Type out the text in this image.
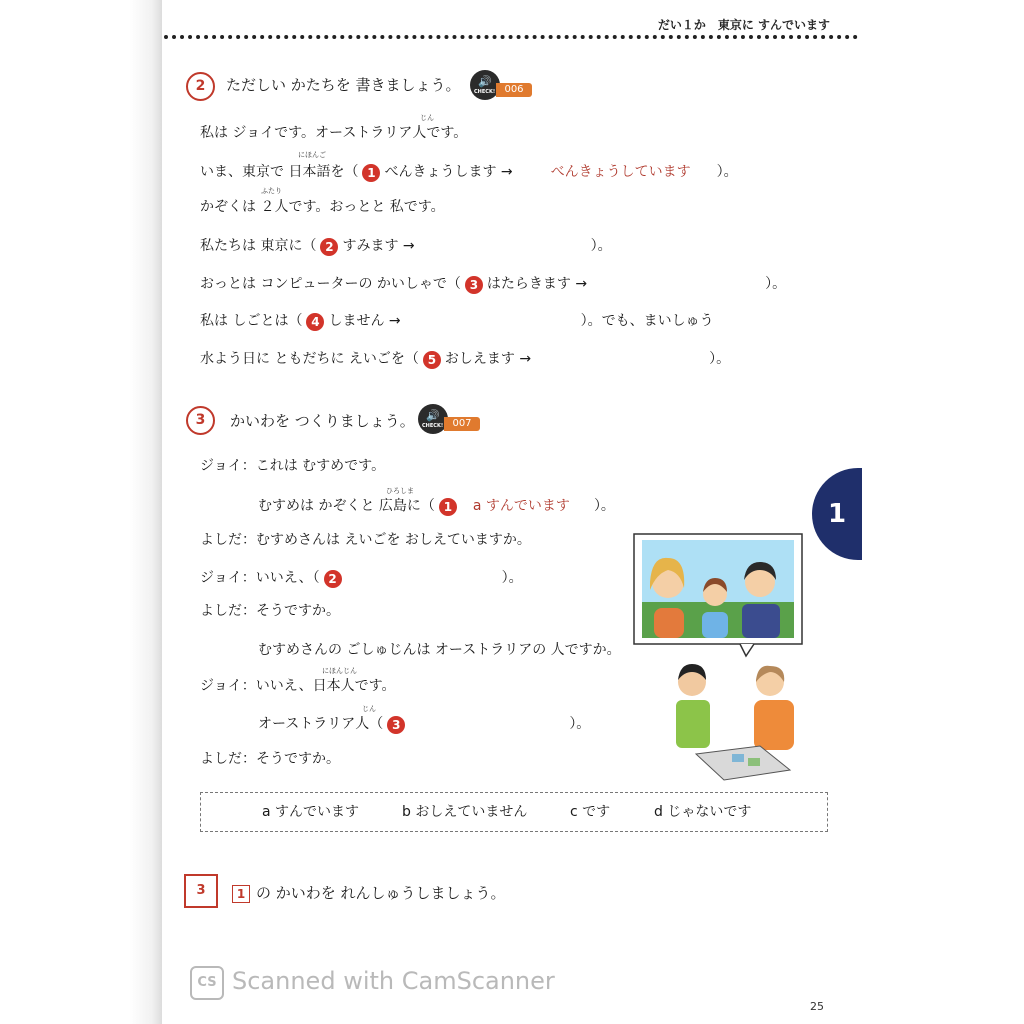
だい１か　東京に すんでいます
2	ただしい かたちを 書きましょう。	🔊
CHECK! 006
じん
私は ジョイです。オーストラリア人です。
にほんご
いま、東京で 日本語を（ 1 べんきょうします →	べんきょうしています ）。
ふたり
かぞくは ２人です。おっとと 私です。
私たちは 東京に（ 2 すみます →	）。
おっとは コンピューターの かいしゃで（ 3 はたらきます →	）。
私は しごとは（ 4 しません →	）。でも、まいしゅう
水よう日に ともだちに えいごを（ 5 おしえます →	）。
3	かいわを つくりましょう。	🔊
CHECK! 007
ジョイ：これは むすめです。
ひろしま
むすめは かぞくと 広島に（ 1 a すんでいます ）。
よしだ：むすめさんは えいごを おしえていますか。
ジョイ：いいえ、（ 2	）。
よしだ：そうですか。
むすめさんの ごしゅじんは オーストラリアの 人ですか。
にほんじん
ジョイ：いいえ、日本人です。
じん
オーストラリア人（ 3	）。
よしだ：そうですか。
1
a すんでいます	b おしえていません	c です	d じゃないです
3	1 の かいわを れんしゅうしましょう。
CS Scanned with CamScanner
25
